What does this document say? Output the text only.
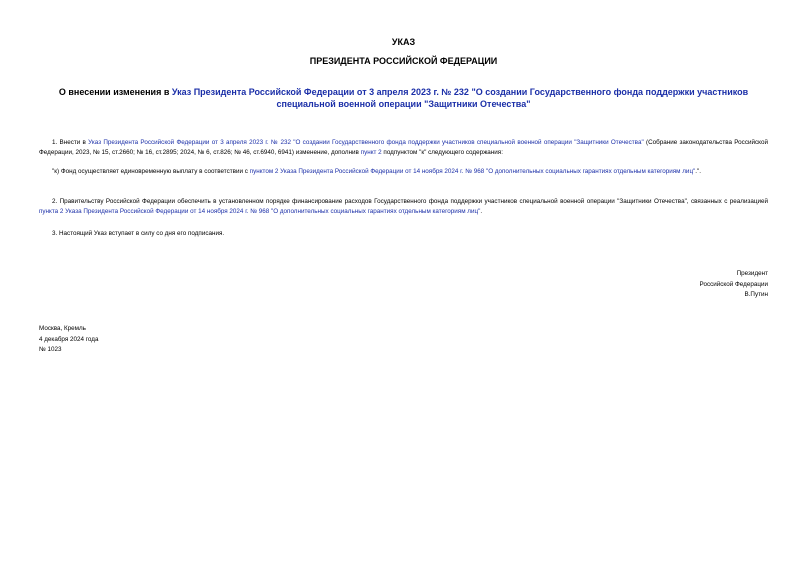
УКАЗ
ПРЕЗИДЕНТА РОССИЙСКОЙ ФЕДЕРАЦИИ
О внесении изменения в Указ Президента Российской Федерации от 3 апреля 2023 г. № 232 "О создании Государственного фонда поддержки участников специальной военной операции "Защитники Отечества"
1. Внести в Указ Президента Российской Федерации от 3 апреля 2023 г. № 232 "О создании Государственного фонда поддержки участников специальной военной операции "Защитники Отечества" (Собрание законодательства Российской Федерации, 2023, № 15, ст.2660; № 16, ст.2895; 2024, № 6, ст.826; № 46, ст.6940, 6941) изменение, дополнив пункт 2 подпунктом "к" следующего содержания:
"к) Фонд осуществляет единовременную выплату в соответствии с пунктом 2 Указа Президента Российской Федерации от 14 ноября 2024 г. № 968 "О дополнительных социальных гарантиях отдельным категориям лиц".".
2. Правительству Российской Федерации обеспечить в установленном порядке финансирование расходов Государственного фонда поддержки участников специальной военной операции "Защитники Отечества", связанных с реализацией пункта 2 Указа Президента Российской Федерации от 14 ноября 2024 г. № 968 "О дополнительных социальных гарантиях отдельным категориям лиц".
3. Настоящий Указ вступает в силу со дня его подписания.
Президент
Российской Федерации
В.Путин
Москва, Кремль
4 декабря 2024 года
№ 1023
